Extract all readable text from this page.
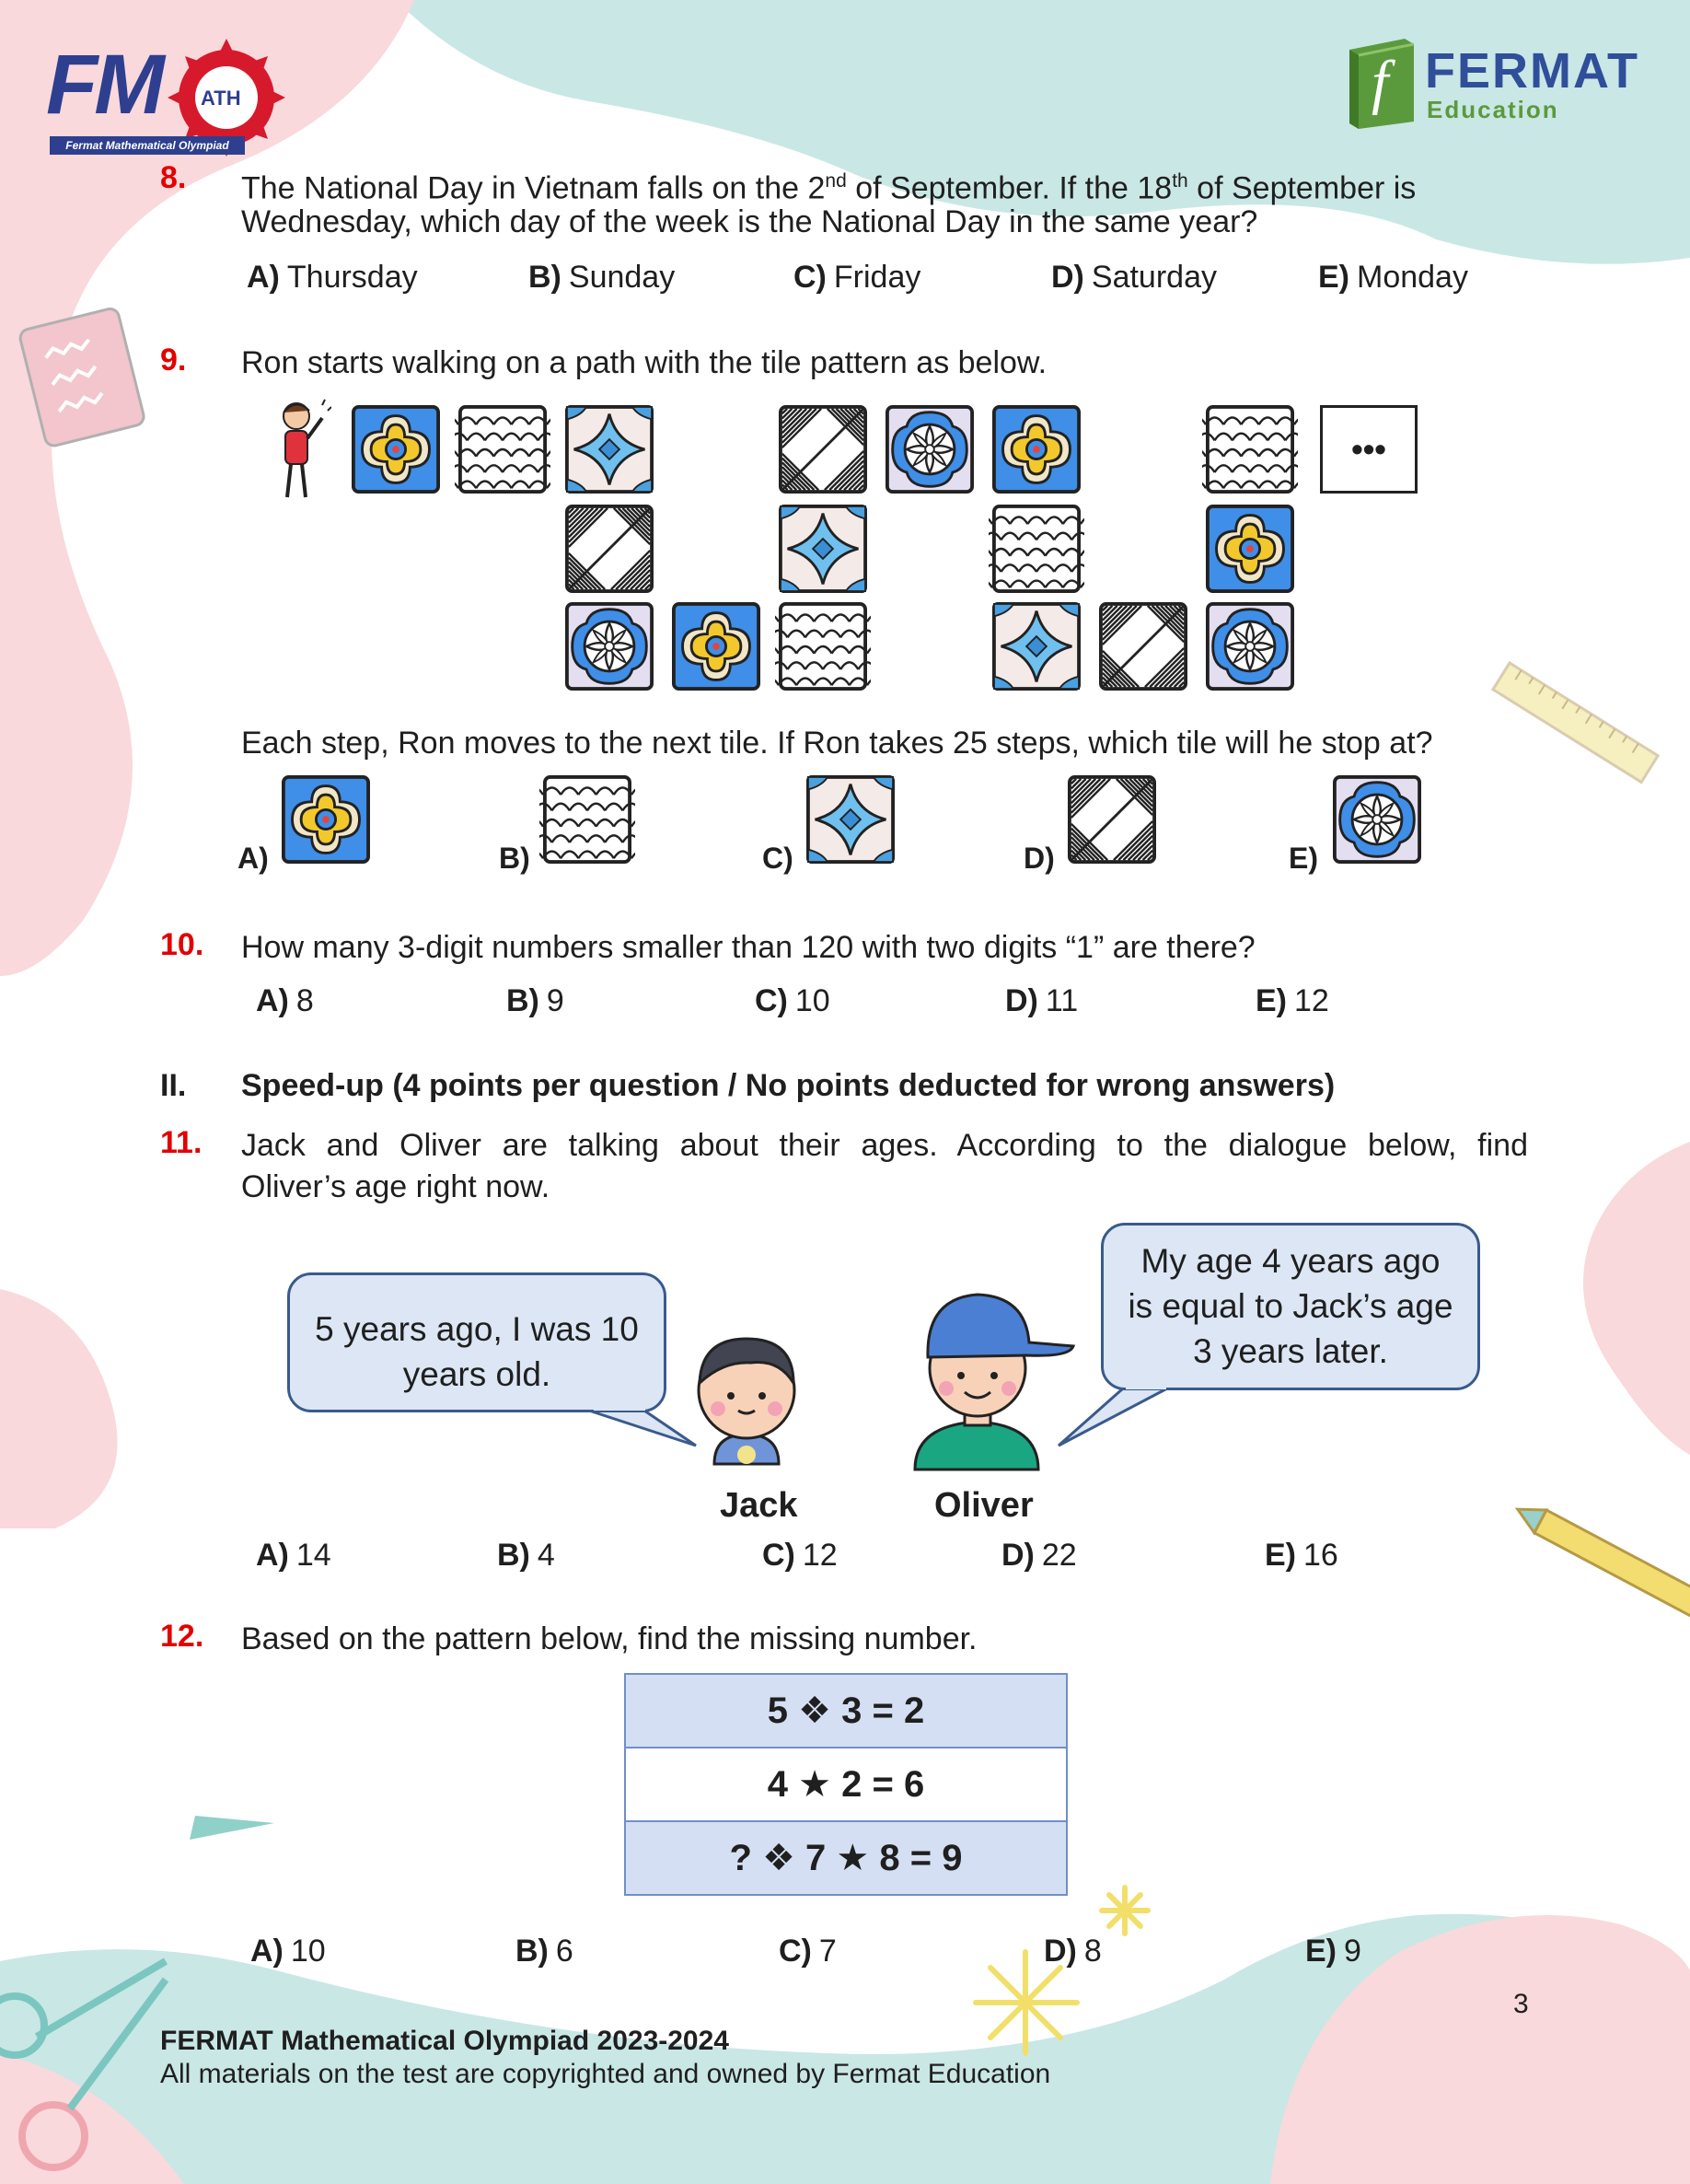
FM ATH
Fermat Mathematical Olympiad
f FERMAT
Education
8. The National Day in Vietnam falls on the 2nd of September. If the 18th of September is
Wednesday, which day of the week is the National Day in the same year?
A) Thursday	B) Sunday	C) Friday	D) Saturday	E) Monday
9. Ron starts walking on a path with the tile pattern as below.
•••
Each step, Ron moves to the next tile. If Ron takes 25 steps, which tile will he stop at?
A)	B)	C)	D)	E)
10. How many 3-digit numbers smaller than 120 with two digits “1” are there?
A) 8	B) 9	C) 10	D) 11	E) 12
II. Speed-up (4 points per question / No points deducted for wrong answers)
11. Jack and Oliver are talking about their ages. According to the dialogue below, find
Oliver’s age right now.
5 years ago, I was 10
years old.
My age 4 years ago
is equal to Jack’s age
3 years later.
Jack	Oliver
A) 14	B) 4	C) 12	D) 22	E) 16
12. Based on the pattern below, find the missing number.
5 ❖ 3 = 2
4 ★ 2 = 6
? ❖ 7 ★ 8 = 9
A) 10	B) 6	C) 7	D) 8	E) 9
3
FERMAT Mathematical Olympiad 2023-2024
All materials on the test are copyrighted and owned by Fermat Education
